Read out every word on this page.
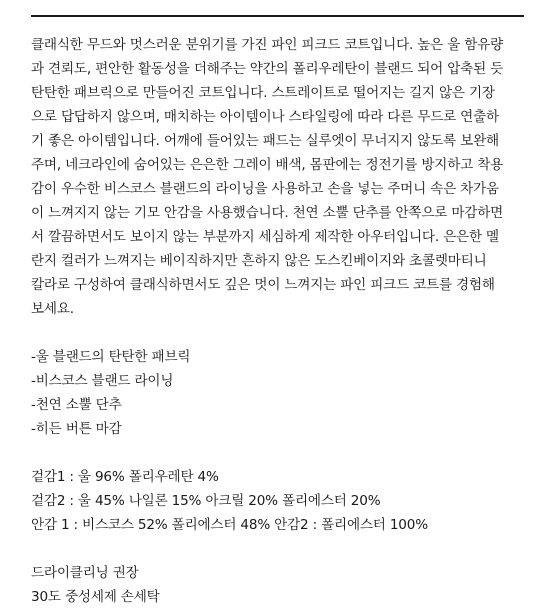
클래식한 무드와 멋스러운 분위기를 가진 파인 피크드 코트입니다. 높은 울 함유량
과 견뢰도, 편안한 활동성을 더해주는 약간의 폴리우레탄이 블랜드 되어 압축된 듯
탄탄한 패브릭으로 만들어진 코트입니다. 스트레이트로 떨어지는 길지 않은 기장
으로 답답하지 않으며, 매치하는 아이템이나 스타일링에 따라 다른 무드로 연출하
기 좋은 아이템입니다. 어깨에 들어있는 패드는 실루엣이 무너지지 않도록 보완해
주며, 네크라인에 숨어있는 은은한 그레이 배색, 몸판에는 정전기를 방지하고 착용
감이 우수한 비스코스 블랜드의 라이닝을 사용하고 손을 넣는 주머니 속은 차가움
이 느껴지지 않는 기모 안감을 사용했습니다. 천연 소뿔 단추를 안쪽으로 마감하면
서 깔끔하면서도 보이지 않는 부분까지 세심하게 제작한 아우터입니다. 은은한 멜
란지 컬러가 느껴지는 베이직하지만 흔하지 않은 도스킨베이지와 초콜렛마티니
칼라로 구성하여 클래식하면서도 깊은 멋이 느껴지는 파인 피크드 코트를 경험해
보세요.
-울 블랜드의 탄탄한 패브릭
-비스코스 블랜드 라이닝
-천연 소뿔 단추
-히든 버튼 마감
겉감1 : 울 96% 폴리우레탄 4%
겉감2 : 울 45% 나일론 15% 아크릴 20% 폴리에스터 20%
안감 1 : 비스코스 52% 폴리에스터 48% 안감2 : 폴리에스터 100%
드라이클리닝 권장
30도 중성세제 손세탁
